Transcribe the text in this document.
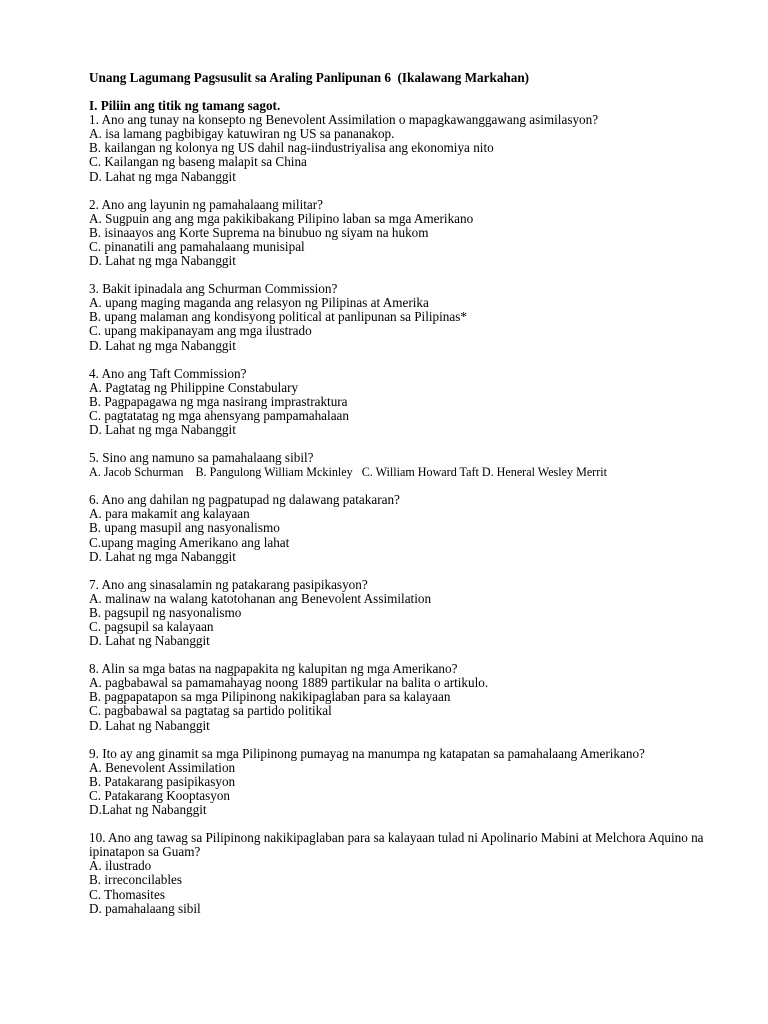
Unang Lagumang Pagsusulit sa Araling Panlipunan 6  (Ikalawang Markahan)
I. Piliin ang titik ng tamang sagot.
1. Ano ang tunay na konsepto ng Benevolent Assimilation o mapagkawanggawang asimilasyon?
A. isa lamang pagbibigay katuwiran ng US sa pananakop.
B. kailangan ng kolonya ng US dahil nag-iindustriyalisa ang ekonomiya nito
C. Kailangan ng baseng malapit sa China
D. Lahat ng mga Nabanggit
2. Ano ang layunin ng pamahalaang militar?
A. Sugpuin ang ang mga pakikibakang Pilipino laban sa mga Amerikano
B. isinaayos ang Korte Suprema na binubuo ng siyam na hukom
C. pinanatili ang pamahalaang munisipal
D. Lahat ng mga Nabanggit
3. Bakit ipinadala ang Schurman Commission?
A. upang maging maganda ang relasyon ng Pilipinas at Amerika
B. upang malaman ang kondisyong political at panlipunan sa Pilipinas*
C. upang makipanayam ang mga ilustrado
D. Lahat ng mga Nabanggit
4. Ano ang Taft Commission?
A. Pagtatag ng Philippine Constabulary
B. Pagpapagawa ng mga nasirang imprastraktura
C. pagtatatag ng mga ahensyang pampamahalaan
D. Lahat ng mga Nabanggit
5. Sino ang namuno sa pamahalaang sibil?
A. Jacob Schurman B. Pangulong William Mckinley C. William Howard Taft D. Heneral Wesley Merrit
6. Ano ang dahilan ng pagpatupad ng dalawang patakaran?
A. para makamit ang kalayaan
B. upang masupil ang nasyonalismo
C.upang maging Amerikano ang lahat
D. Lahat ng mga Nabanggit
7. Ano ang sinasalamin ng patakarang pasipikasyon?
A. malinaw na walang katotohanan ang Benevolent Assimilation
B. pagsupil ng nasyonalismo
C. pagsupil sa kalayaan
D. Lahat ng Nabanggit
8. Alin sa mga batas na nagpapakita ng kalupitan ng mga Amerikano?
A. pagbabawal sa pamamahayag noong 1889 partikular na balita o artikulo.
B. pagpapatapon sa mga Pilipinong nakikipaglaban para sa kalayaan
C. pagbabawal sa pagtatag sa partido politikal
D. Lahat ng Nabanggit
9. Ito ay ang ginamit sa mga Pilipinong pumayag na manumpa ng katapatan sa pamahalaang Amerikano?
A. Benevolent Assimilation
B. Patakarang pasipikasyon
C. Patakarang Kooptasyon
D.Lahat ng Nabanggit
10. Ano ang tawag sa Pilipinong nakikipaglaban para sa kalayaan tulad ni Apolinario Mabini at Melchora Aquino na ipinatapon sa Guam?
A. ilustrado
B. irreconcilables
C. Thomasites
D. pamahalaang sibil
